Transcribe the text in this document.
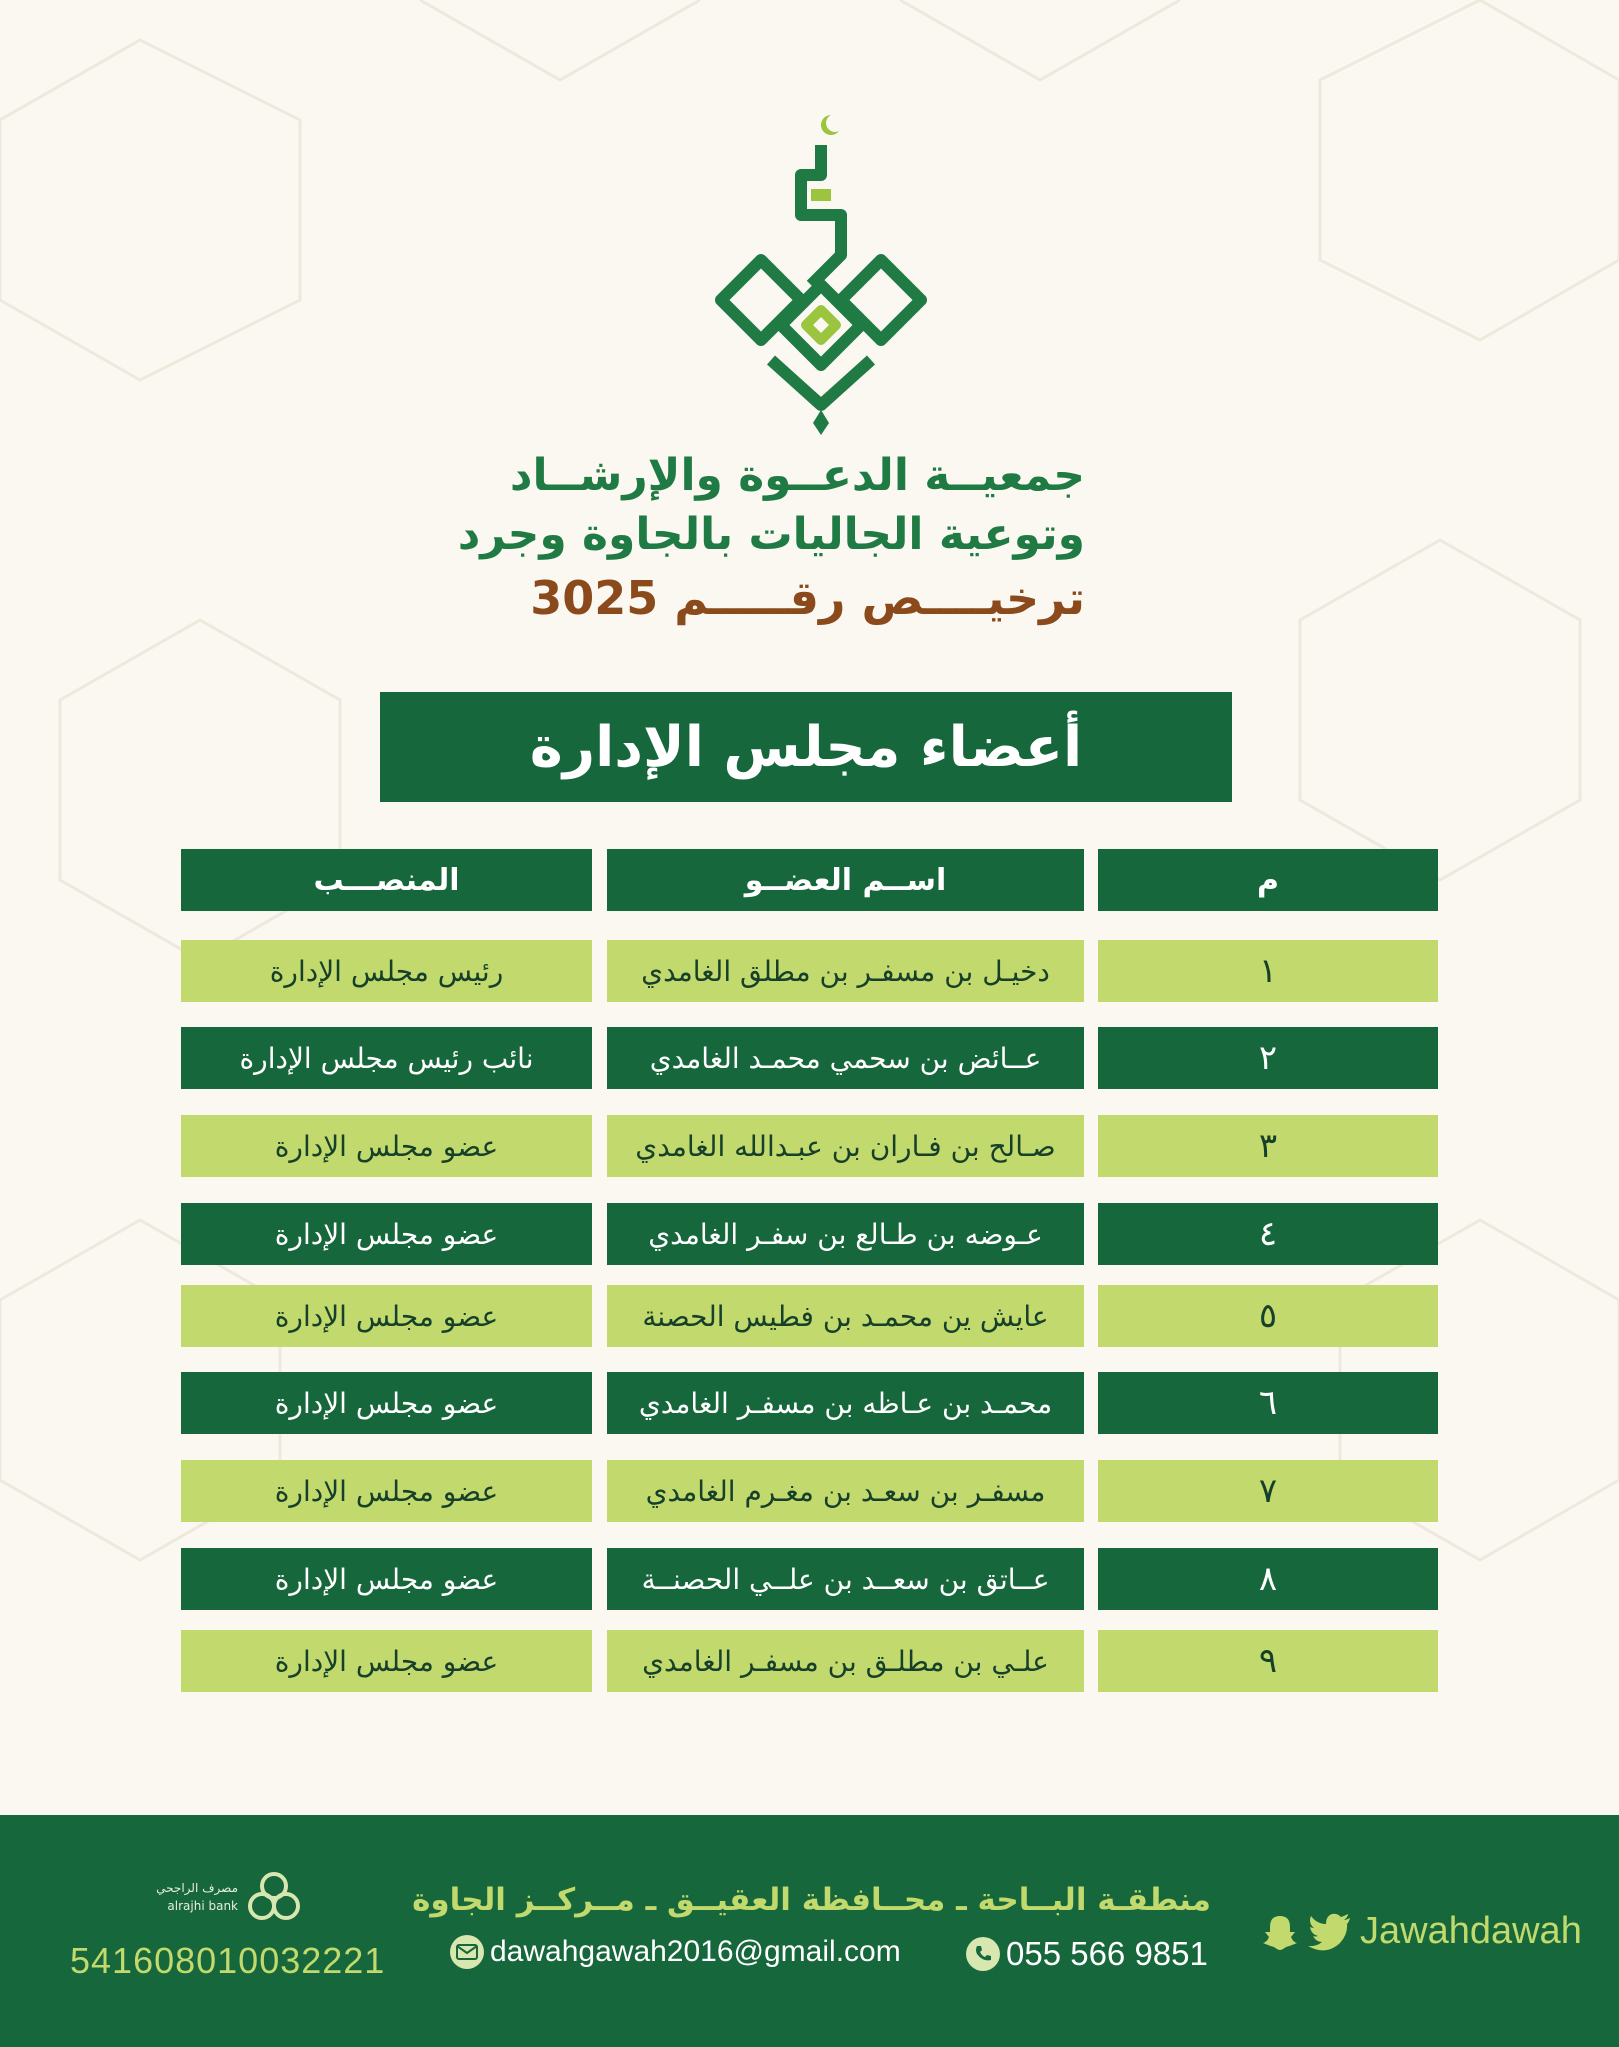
جمعيــة الدعــوة والإرشــاد
وتوعية الجاليات بالجاوة وجرد
ترخيــــص رقـــــم 3025
أعضاء مجلس الإدارة
المنصـــب	اســم العضــو	م
رئيس مجلس الإدارة	دخيـل بن مسفـر بن مطلق الغامدي	١
نائب رئيس مجلس الإدارة	عــائض بن سحمي محمـد الغامدي	٢
عضو مجلس الإدارة	صـالح بن فـاران بن عبـدالله الغامدي	٣
عضو مجلس الإدارة	عـوضه بن طـالع بن سفـر الغامدي	٤
عضو مجلس الإدارة	عايش ين محمـد بن فطيس الحصنة	٥
عضو مجلس الإدارة	محمـد بن عـاظه بن مسفـر الغامدي	٦
عضو مجلس الإدارة	مسفـر بن سعـد بن مغـرم الغامدي	٧
عضو مجلس الإدارة	عــاتق بن سعــد بن علــي الحصنــة	٨
عضو مجلس الإدارة	علـي بن مطلـق بن مسفـر الغامدي	٩
مصرف الراجحي
alrajhi bank
541608010032221
منطقـة البــاحة ـ محــافظة العقيــق ـ مــركــز الجاوة
dawahgawah2016@gmail.com	055 566 9851
Jawahdawah
